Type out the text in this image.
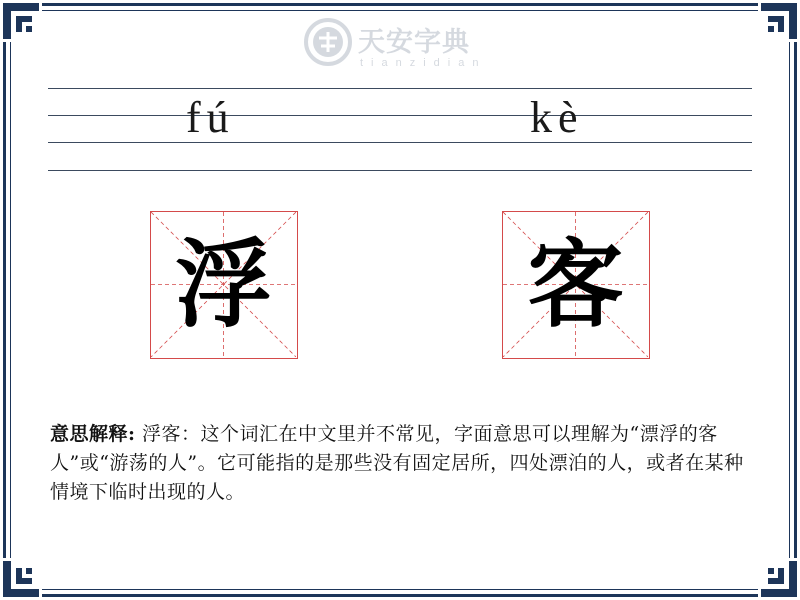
天安字典
tianzidian
fú	kè
浮	客
意思解释: 浮客：这个词汇在中文里并不常见，字面意思可以理解为“漂浮的客人”或“游荡的人”。它可能指的是那些没有固定居所，四处漂泊的人，或者在某种情境下临时出现的人。
